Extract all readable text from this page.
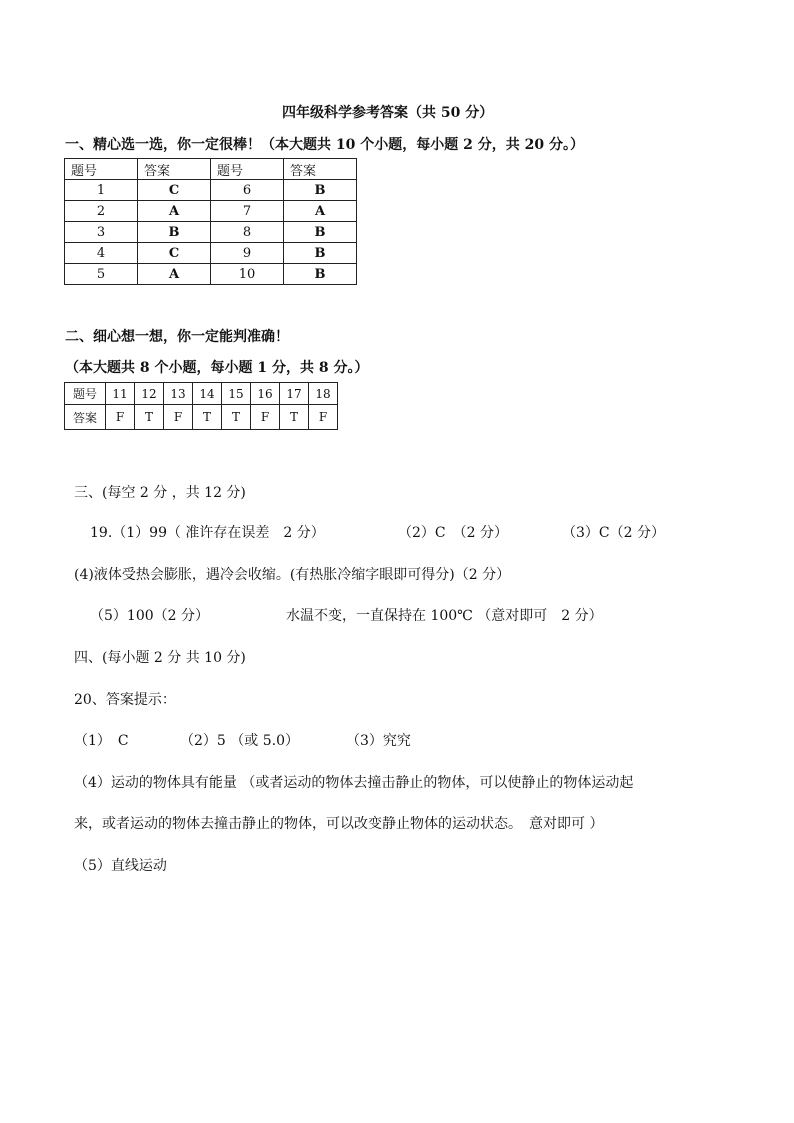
四年级科学参考答案（共 50 分）
一、精心选一选，你一定很棒！（本大题共 10 个小题，每小题 2 分，共 20 分。）
题号	答案	题号	答案
1	C	6	B
2	A	7	A
3	B	8	B
4	C	9	B
5	A	10	B
二、细心想一想，你一定能判准确！
（本大题共 8 个小题，每小题 1 分，共 8 分。）
题号	11	12	13	14	15	16	17	18
答案	F	T	F	T	T	F	T	F
三、(每空 2 分 ，共 12 分)
19.（1）99（ 准许存在误差　2 分）	（2）C　（2 分）	（3）C（2 分）
(4)液体受热会膨胀，遇冷会收缩。(有热胀冷缩字眼即可得分)（2 分）
（5）100（2 分）	水温不变，一直保持在 100℃ （意对即可　2 分）
四、(每小题 2 分 共 10 分)
20、答案提示：
（1）　C	（2）5 （或 5.0）	（3）究究
（4）运动的物体具有能量 （或者运动的物体去撞击静止的物体，可以使静止的物体运动起
来，或者运动的物体去撞击静止的物体，可以改变静止物体的运动状态。　意对即可 ）
（5）直线运动
